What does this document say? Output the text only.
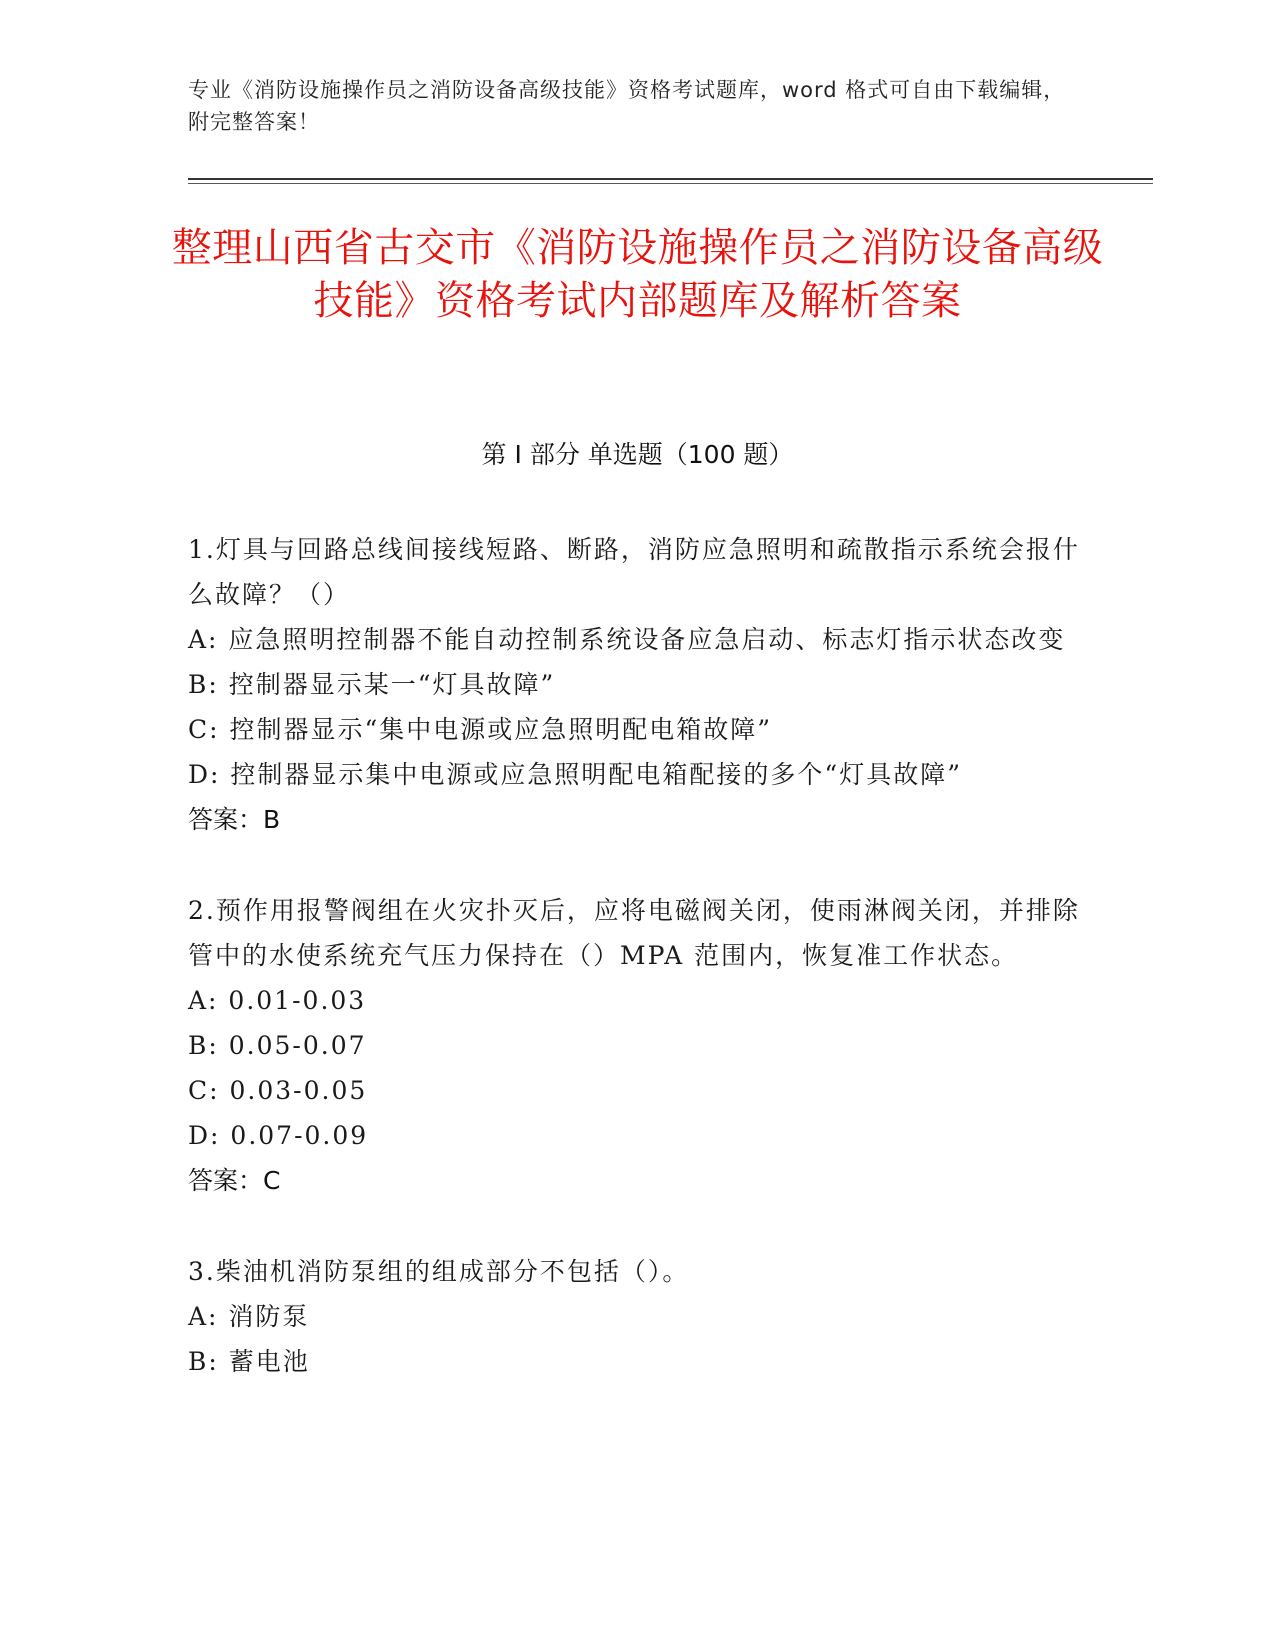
专业《消防设施操作员之消防设备高级技能》资格考试题库，word 格式可自由下载编辑，附完整答案！
整理山西省古交市《消防设施操作员之消防设备高级技能》资格考试内部题库及解析答案
第 I 部分 单选题（100 题）
1.灯具与回路总线间接线短路、断路，消防应急照明和疏散指示系统会报什么故障？（）
A: 应急照明控制器不能自动控制系统设备应急启动、标志灯指示状态改变
B: 控制器显示某一“灯具故障”
C: 控制器显示“集中电源或应急照明配电箱故障”
D: 控制器显示集中电源或应急照明配电箱配接的多个“灯具故障”
答案：B
2.预作用报警阀组在火灾扑灭后，应将电磁阀关闭，使雨淋阀关闭，并排除管中的水使系统充气压力保持在（）MPA 范围内，恢复准工作状态。
A: 0.01-0.03
B: 0.05-0.07
C: 0.03-0.05
D: 0.07-0.09
答案：C
3.柴油机消防泵组的组成部分不包括（）。
A: 消防泵
B: 蓄电池
